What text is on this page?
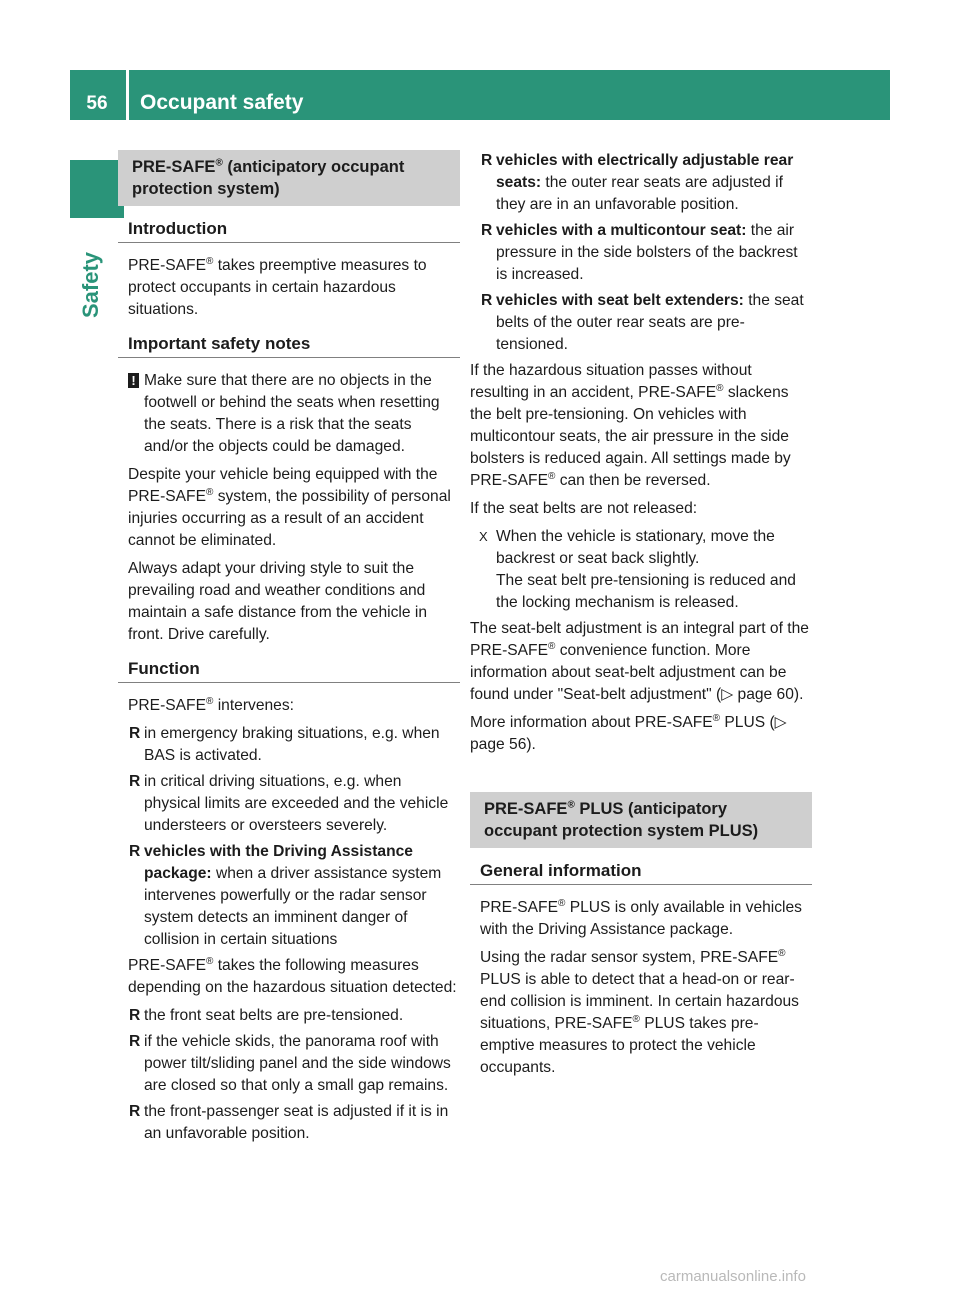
56	Occupant safety
Safety
PRE-SAFE® (anticipatory occupant protection system)
Introduction

PRE-SAFE® takes preemptive measures to protect occupants in certain hazardous situations.

Important safety notes
! Make sure that there are no objects in the footwell or behind the seats when resetting the seats. There is a risk that the seats and/or the objects could be damaged.

Despite your vehicle being equipped with the PRE-SAFE® system, the possibility of personal injuries occurring as a result of an accident cannot be eliminated.

Always adapt your driving style to suit the prevailing road and weather conditions and maintain a safe distance from the vehicle in front. Drive carefully.

Function

PRE-SAFE® intervenes:

R in emergency braking situations, e.g. when BAS is activated.
R in critical driving situations, e.g. when physical limits are exceeded and the vehicle understeers or oversteers severely.
R vehicles with the Driving Assistance package: when a driver assistance system intervenes powerfully or the radar sensor system detects an imminent danger of collision in certain situations

PRE-SAFE® takes the following measures depending on the hazardous situation detected:

R the front seat belts are pre-tensioned.
R if the vehicle skids, the panorama roof with power tilt/sliding panel and the side windows are closed so that only a small gap remains.
R the front-passenger seat is adjusted if it is in an unfavorable position.
R vehicles with electrically adjustable rear seats: the outer rear seats are adjusted if they are in an unfavorable position.
R vehicles with a multicontour seat: the air pressure in the side bolsters of the backrest is increased.
R vehicles with seat belt extenders: the seat belts of the outer rear seats are pre-tensioned.

If the hazardous situation passes without resulting in an accident, PRE-SAFE® slackens the belt pre-tensioning. On vehicles with multicontour seats, the air pressure in the side bolsters is reduced again. All settings made by PRE-SAFE® can then be reversed.

If the seat belts are not released:

X When the vehicle is stationary, move the backrest or seat back slightly.
The seat belt pre-tensioning is reduced and the locking mechanism is released.

The seat-belt adjustment is an integral part of the PRE-SAFE® convenience function. More information about seat-belt adjustment can be found under "Seat-belt adjustment" (▷ page 60).

More information about PRE-SAFE® PLUS (▷ page 56).

PRE-SAFE® PLUS (anticipatory occupant protection system PLUS)
General information

PRE-SAFE® PLUS is only available in vehicles with the Driving Assistance package.

Using the radar sensor system, PRE-SAFE® PLUS is able to detect that a head-on or rear-end collision is imminent. In certain hazardous situations, PRE-SAFE® PLUS takes pre-emptive measures to protect the vehicle occupants.

carmanualsonline.info
